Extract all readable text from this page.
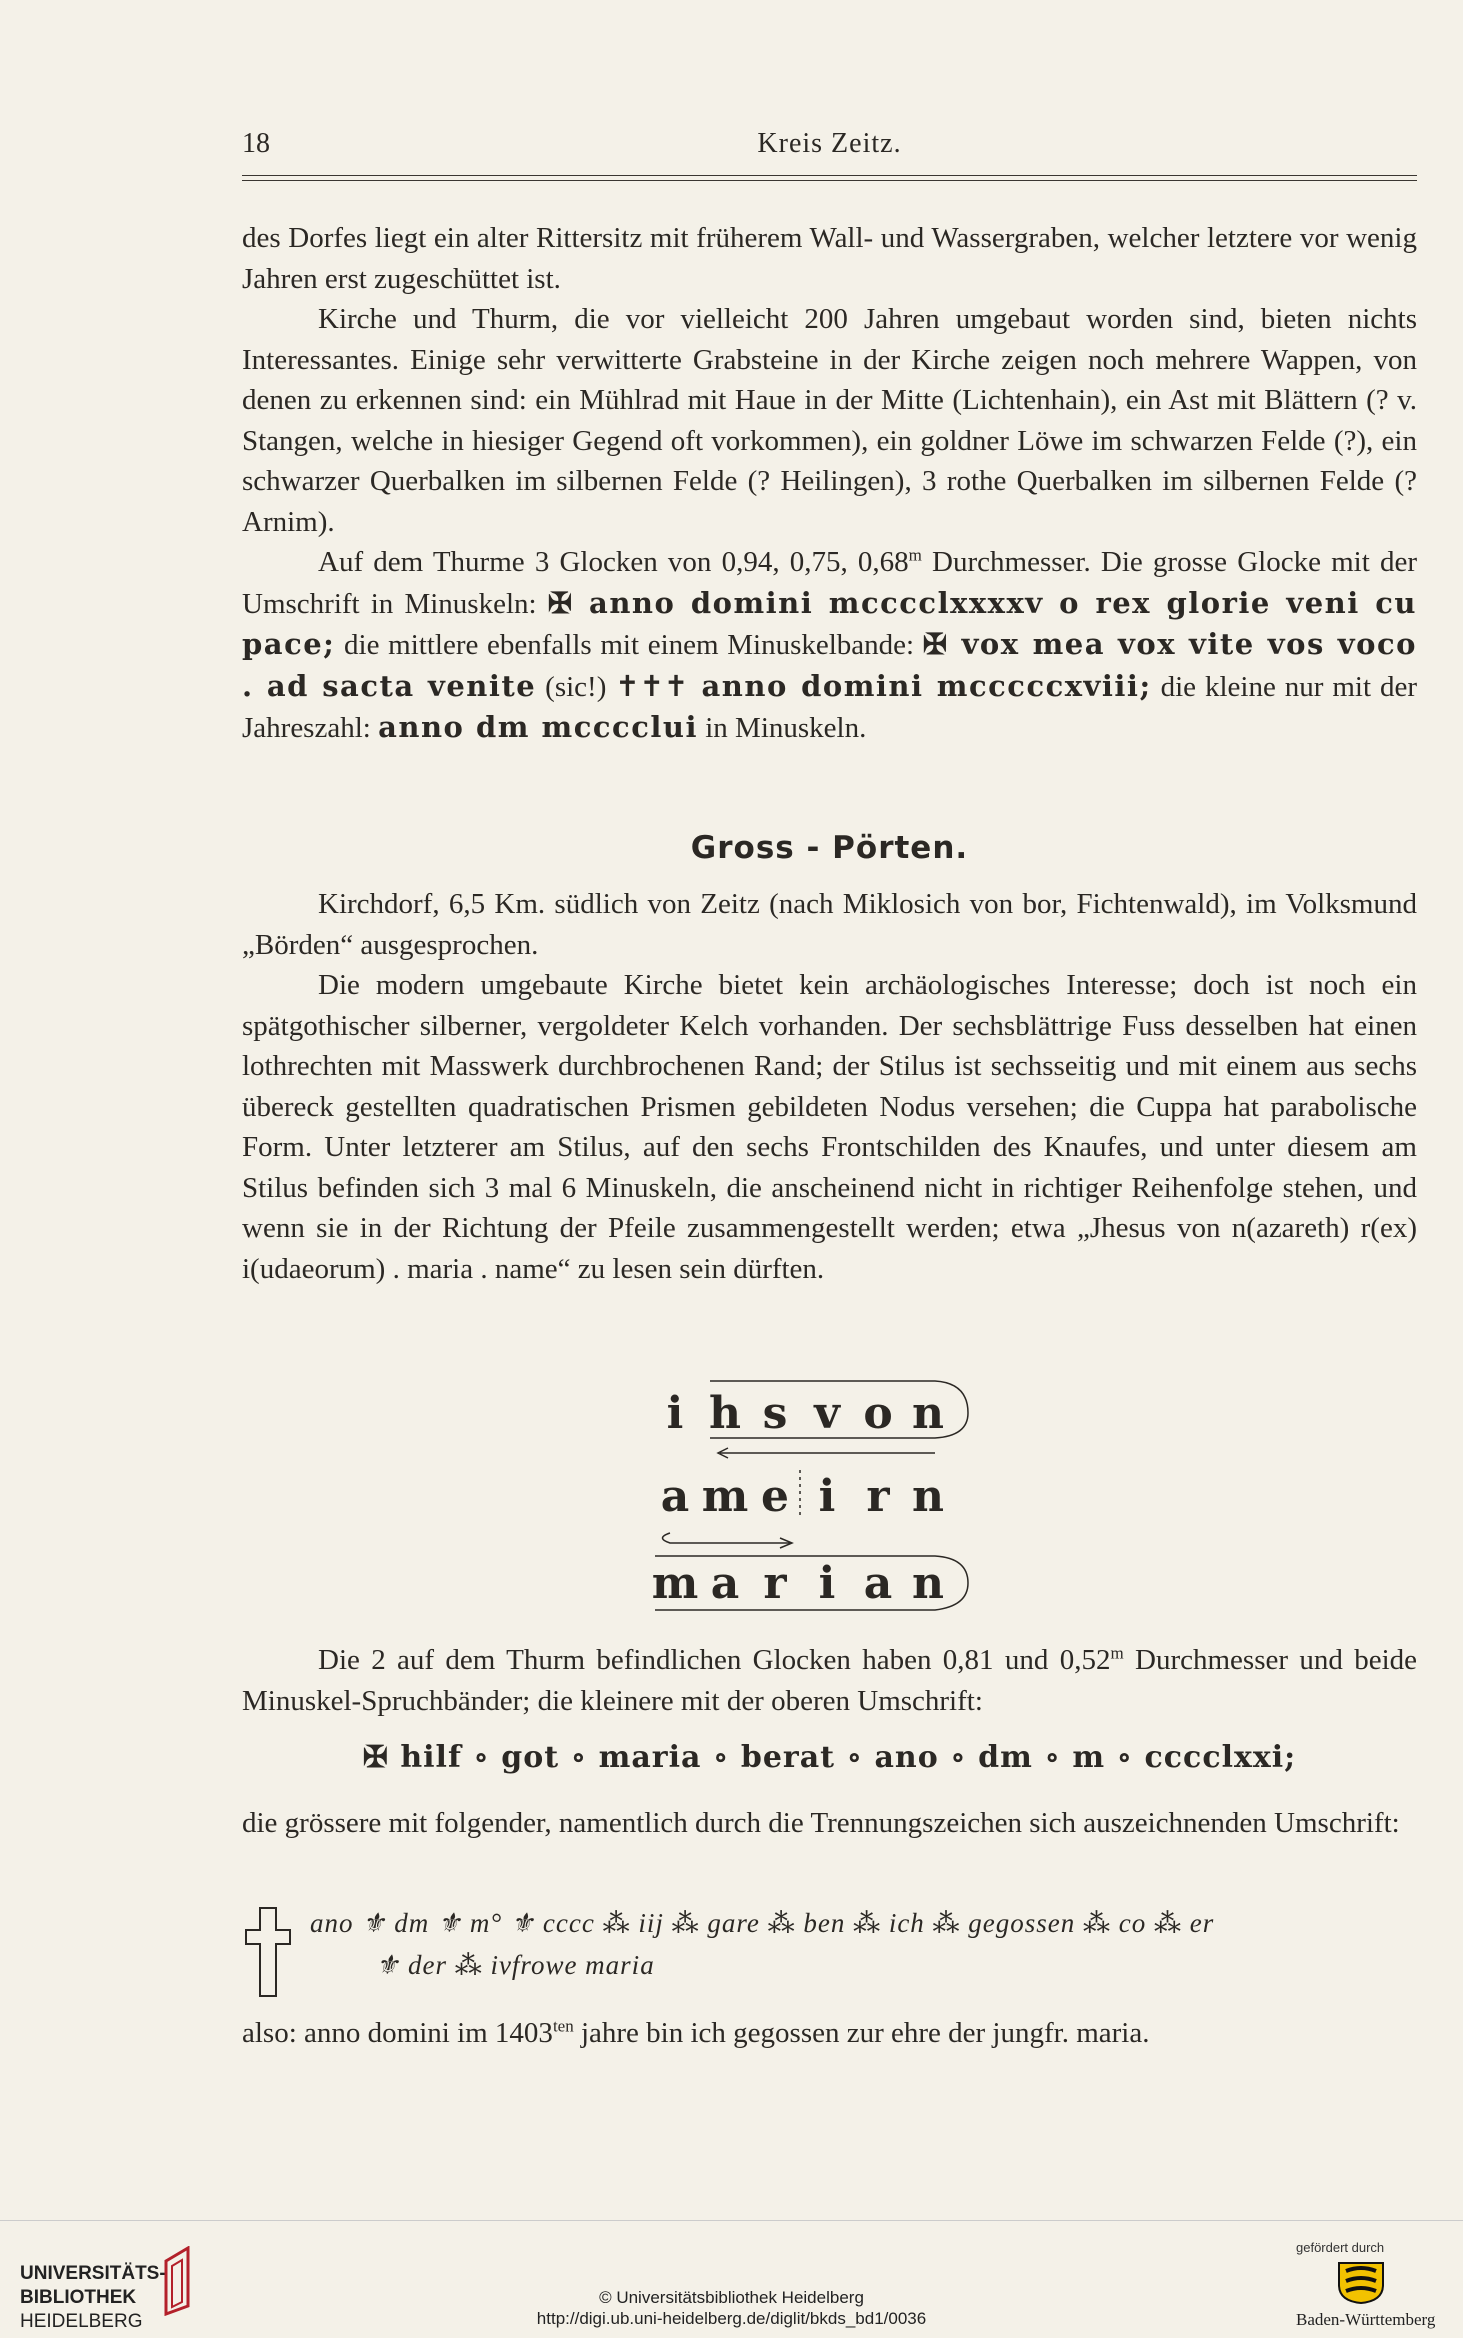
18	Kreis Zeitz.

des Dorfes liegt ein alter Rittersitz mit früherem Wall- und Wassergraben, welcher letztere vor wenig Jahren erst zugeschüttet ist.

Kirche und Thurm, die vor vielleicht 200 Jahren umgebaut worden sind, bieten nichts Interessantes. Einige sehr verwitterte Grabsteine in der Kirche zeigen noch mehrere Wappen, von denen zu erkennen sind: ein Mühlrad mit Haue in der Mitte (Lichtenhain), ein Ast mit Blättern (? v. Stangen, welche in hiesiger Gegend oft vorkommen), ein goldner Löwe im schwarzen Felde (?), ein schwarzer Querbalken im silbernen Felde (? Heilingen), 3 rothe Querbalken im silbernen Felde (? Arnim).

Auf dem Thurme 3 Glocken von 0,94, 0,75, 0,68$^m$ Durchmesser. Die grosse Glocke mit der Umschrift in Minuskeln: ✠ anno domini mcccclxxxxv o rex glorie veni cu pace; die mittlere ebenfalls mit einem Minuskelbande: ✠ vox mea vox vite vos voco . ad sacta venite (sic!) ✝✝✝ anno domini mcccccxviii; die kleine nur mit der Jahreszahl: anno dm mcccclui in Minuskeln.

Gross - Pörten.

Kirchdorf, 6,5 Km. südlich von Zeitz (nach Miklosich von bor, Fichtenwald), im Volksmund „Börden“ ausgesprochen.

Die modern umgebaute Kirche bietet kein archäologisches Interesse; doch ist noch ein spätgothischer silberner, vergoldeter Kelch vorhanden. Der sechsblättrige Fuss desselben hat einen lothrechten mit Masswerk durchbrochenen Rand; der Stilus ist sechsseitig und mit einem aus sechs übereck gestellten quadratischen Prismen gebildeten Nodus versehen; die Cuppa hat parabolische Form. Unter letzterer am Stilus, auf den sechs Frontschilden des Knaufes, und unter diesem am Stilus befinden sich 3 mal 6 Minuskeln, die anscheinend nicht in richtiger Reihenfolge stehen, und wenn sie in der Richtung der Pfeile zusammengestellt werden; etwa „Jhesus von n(azareth) r(ex) i(udaeorum) . maria . name“ zu lesen sein dürften.

i h s v o n
a m e i r n
m a r i a n

Die 2 auf dem Thurm befindlichen Glocken haben 0,81 und 0,52$^m$ Durchmesser und beide Minuskel-Spruchbänder; die kleinere mit der oberen Umschrift:

✠ hilf ∘ got ∘ maria ∘ berat ∘ ano ∘ dm ∘ m ∘ cccclxxi;

die grössere mit folgender, namentlich durch die Trennungszeichen sich auszeichnenden Umschrift:

ano ⚜ dm ⚜ m° ⚜ cccc ⁂ iij ⁂ gare ⁂ ben ⁂ ich ⁂ gegossen ⁂ co ⁂ er
⚜ der ⁂ ivfrowe maria

also: anno domini im $1403^{ten}$ jahre bin ich gegossen zur ehre der jungfr. maria.

UNIVERSITÄTS-
BIBLIOTHEK
HEIDELBERG
© Universitätsbibliothek Heidelberg
http://digi.ub.uni-heidelberg.de/diglit/bkds_bd1/0036
gefördert durch
Baden-Württemberg
